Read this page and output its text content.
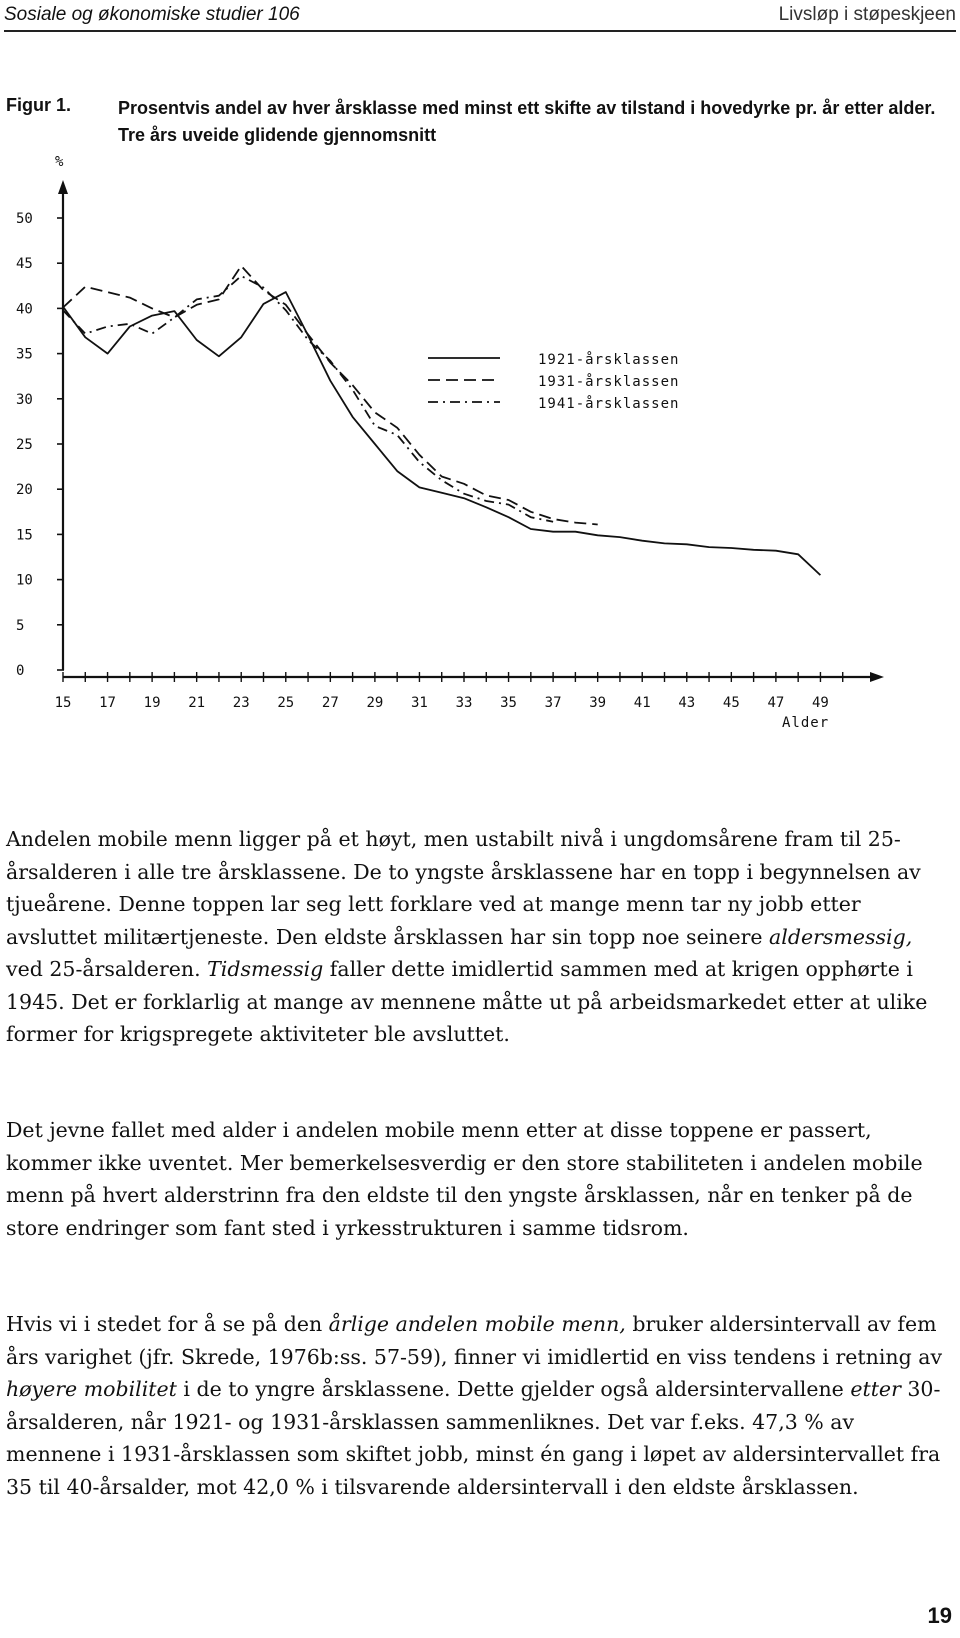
Sosiale og økonomiske studier 106	Livsløp i støpeskjeen
Figur 1.	Prosentvis andel av hver årsklasse med minst ett skifte av tilstand i hovedyrke pr. år etter alder. Tre års uveide glidende gjennomsnitt
%
0
5
10
15
20
25
30
35
40
45
50
15 17 19 21 23 25 27 29 31 33 35 37 39 41 43 45 47 49
Alder
1921-årsklassen
1931-årsklassen
1941-årsklassen

Andelen mobile menn ligger på et høyt, men ustabilt nivå i ungdomsårene fram til 25-årsalderen i alle tre årsklassene. De to yngste årsklassene har en topp i begynnelsen av tjueårene. Denne toppen lar seg lett forklare ved at mange menn tar ny jobb etter avsluttet militærtjeneste. Den eldste årsklassen har sin topp noe seinere aldersmessig, ved 25-årsalderen. Tidsmessig faller dette imidlertid sammen med at krigen opphørte i 1945. Det er forklarlig at mange av mennene måtte ut på arbeidsmarkedet etter at ulike former for krigspregete aktiviteter ble avsluttet.

Det jevne fallet med alder i andelen mobile menn etter at disse toppene er passert, kommer ikke uventet. Mer bemerkelsesverdig er den store stabiliteten i andelen mobile menn på hvert alderstrinn fra den eldste til den yngste årsklassen, når en tenker på de store endringer som fant sted i yrkesstrukturen i samme tidsrom.

Hvis vi i stedet for å se på den årlige andelen mobile menn, bruker aldersintervall av fem års varighet (jfr. Skrede, 1976b:ss. 57-59), finner vi imidlertid en viss tendens i retning av høyere mobilitet i de to yngre årsklassene. Dette gjelder også aldersintervallene etter 30-årsalderen, når 1921- og 1931-årsklassen sammenliknes. Det var f.eks. 47,3 % av mennene i 1931-årsklassen som skiftet jobb, minst én gang i løpet av aldersintervallet fra 35 til 40-årsalder, mot 42,0 % i tilsvarende aldersintervall i den eldste årsklassen.

19
